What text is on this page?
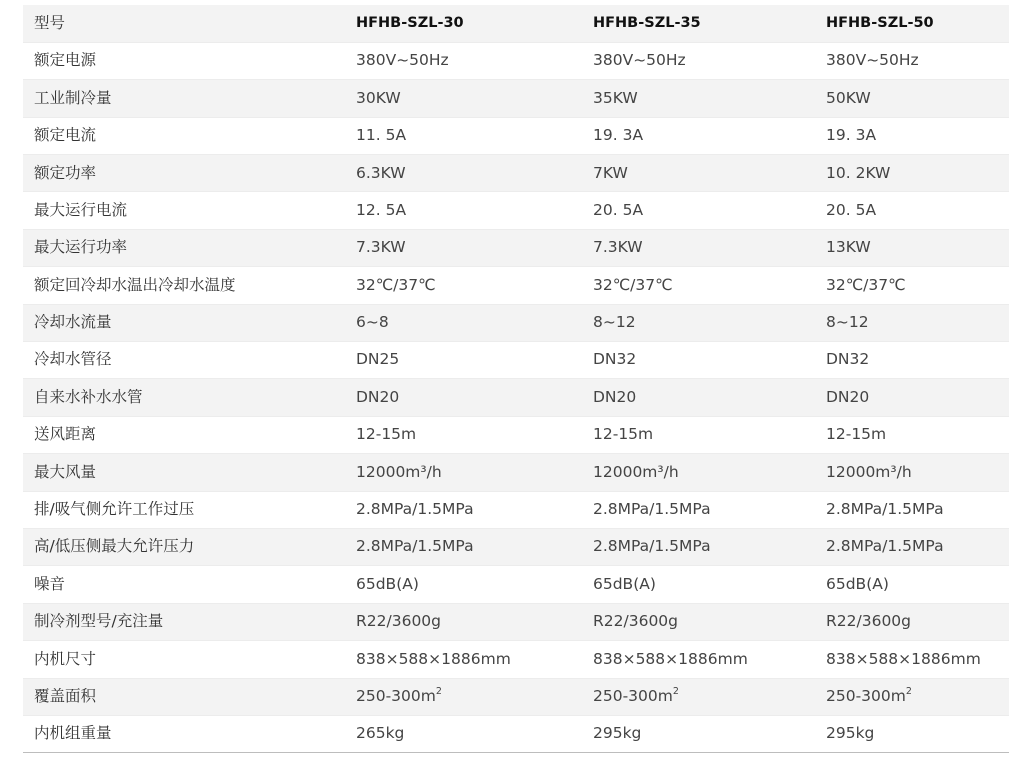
型号	HFHB-SZL-30	HFHB-SZL-35	HFHB-SZL-50
额定电源	380V~50Hz	380V~50Hz	380V~50Hz
工业制冷量	30KW	35KW	50KW
额定电流	11. 5A	19. 3A	19. 3A
额定功率	6.3KW	7KW	10. 2KW
最大运行电流	12. 5A	20. 5A	20. 5A
最大运行功率	7.3KW	7.3KW	13KW
额定回冷却水温出冷却水温度	32℃/37℃	32℃/37℃	32℃/37℃
冷却水流量	6~8	8~12	8~12
冷却水管径	DN25	DN32	DN32
自来水补水水管	DN20	DN20	DN20
送风距离	12-15m	12-15m	12-15m
最大风量	12000m³/h	12000m³/h	12000m³/h
排/吸气侧允许工作过压	2.8MPa/1.5MPa	2.8MPa/1.5MPa	2.8MPa/1.5MPa
高/低压侧最大允许压力	2.8MPa/1.5MPa	2.8MPa/1.5MPa	2.8MPa/1.5MPa
噪音	65dB(A)	65dB(A)	65dB(A)
制冷剂型号/充注量	R22/3600g	R22/3600g	R22/3600g
内机尺寸	838×588×1886mm	838×588×1886mm	838×588×1886mm
覆盖面积	$250-300m^2$	$250-300m^2$	$250-300m^2$
内机组重量	265kg	295kg	295kg
